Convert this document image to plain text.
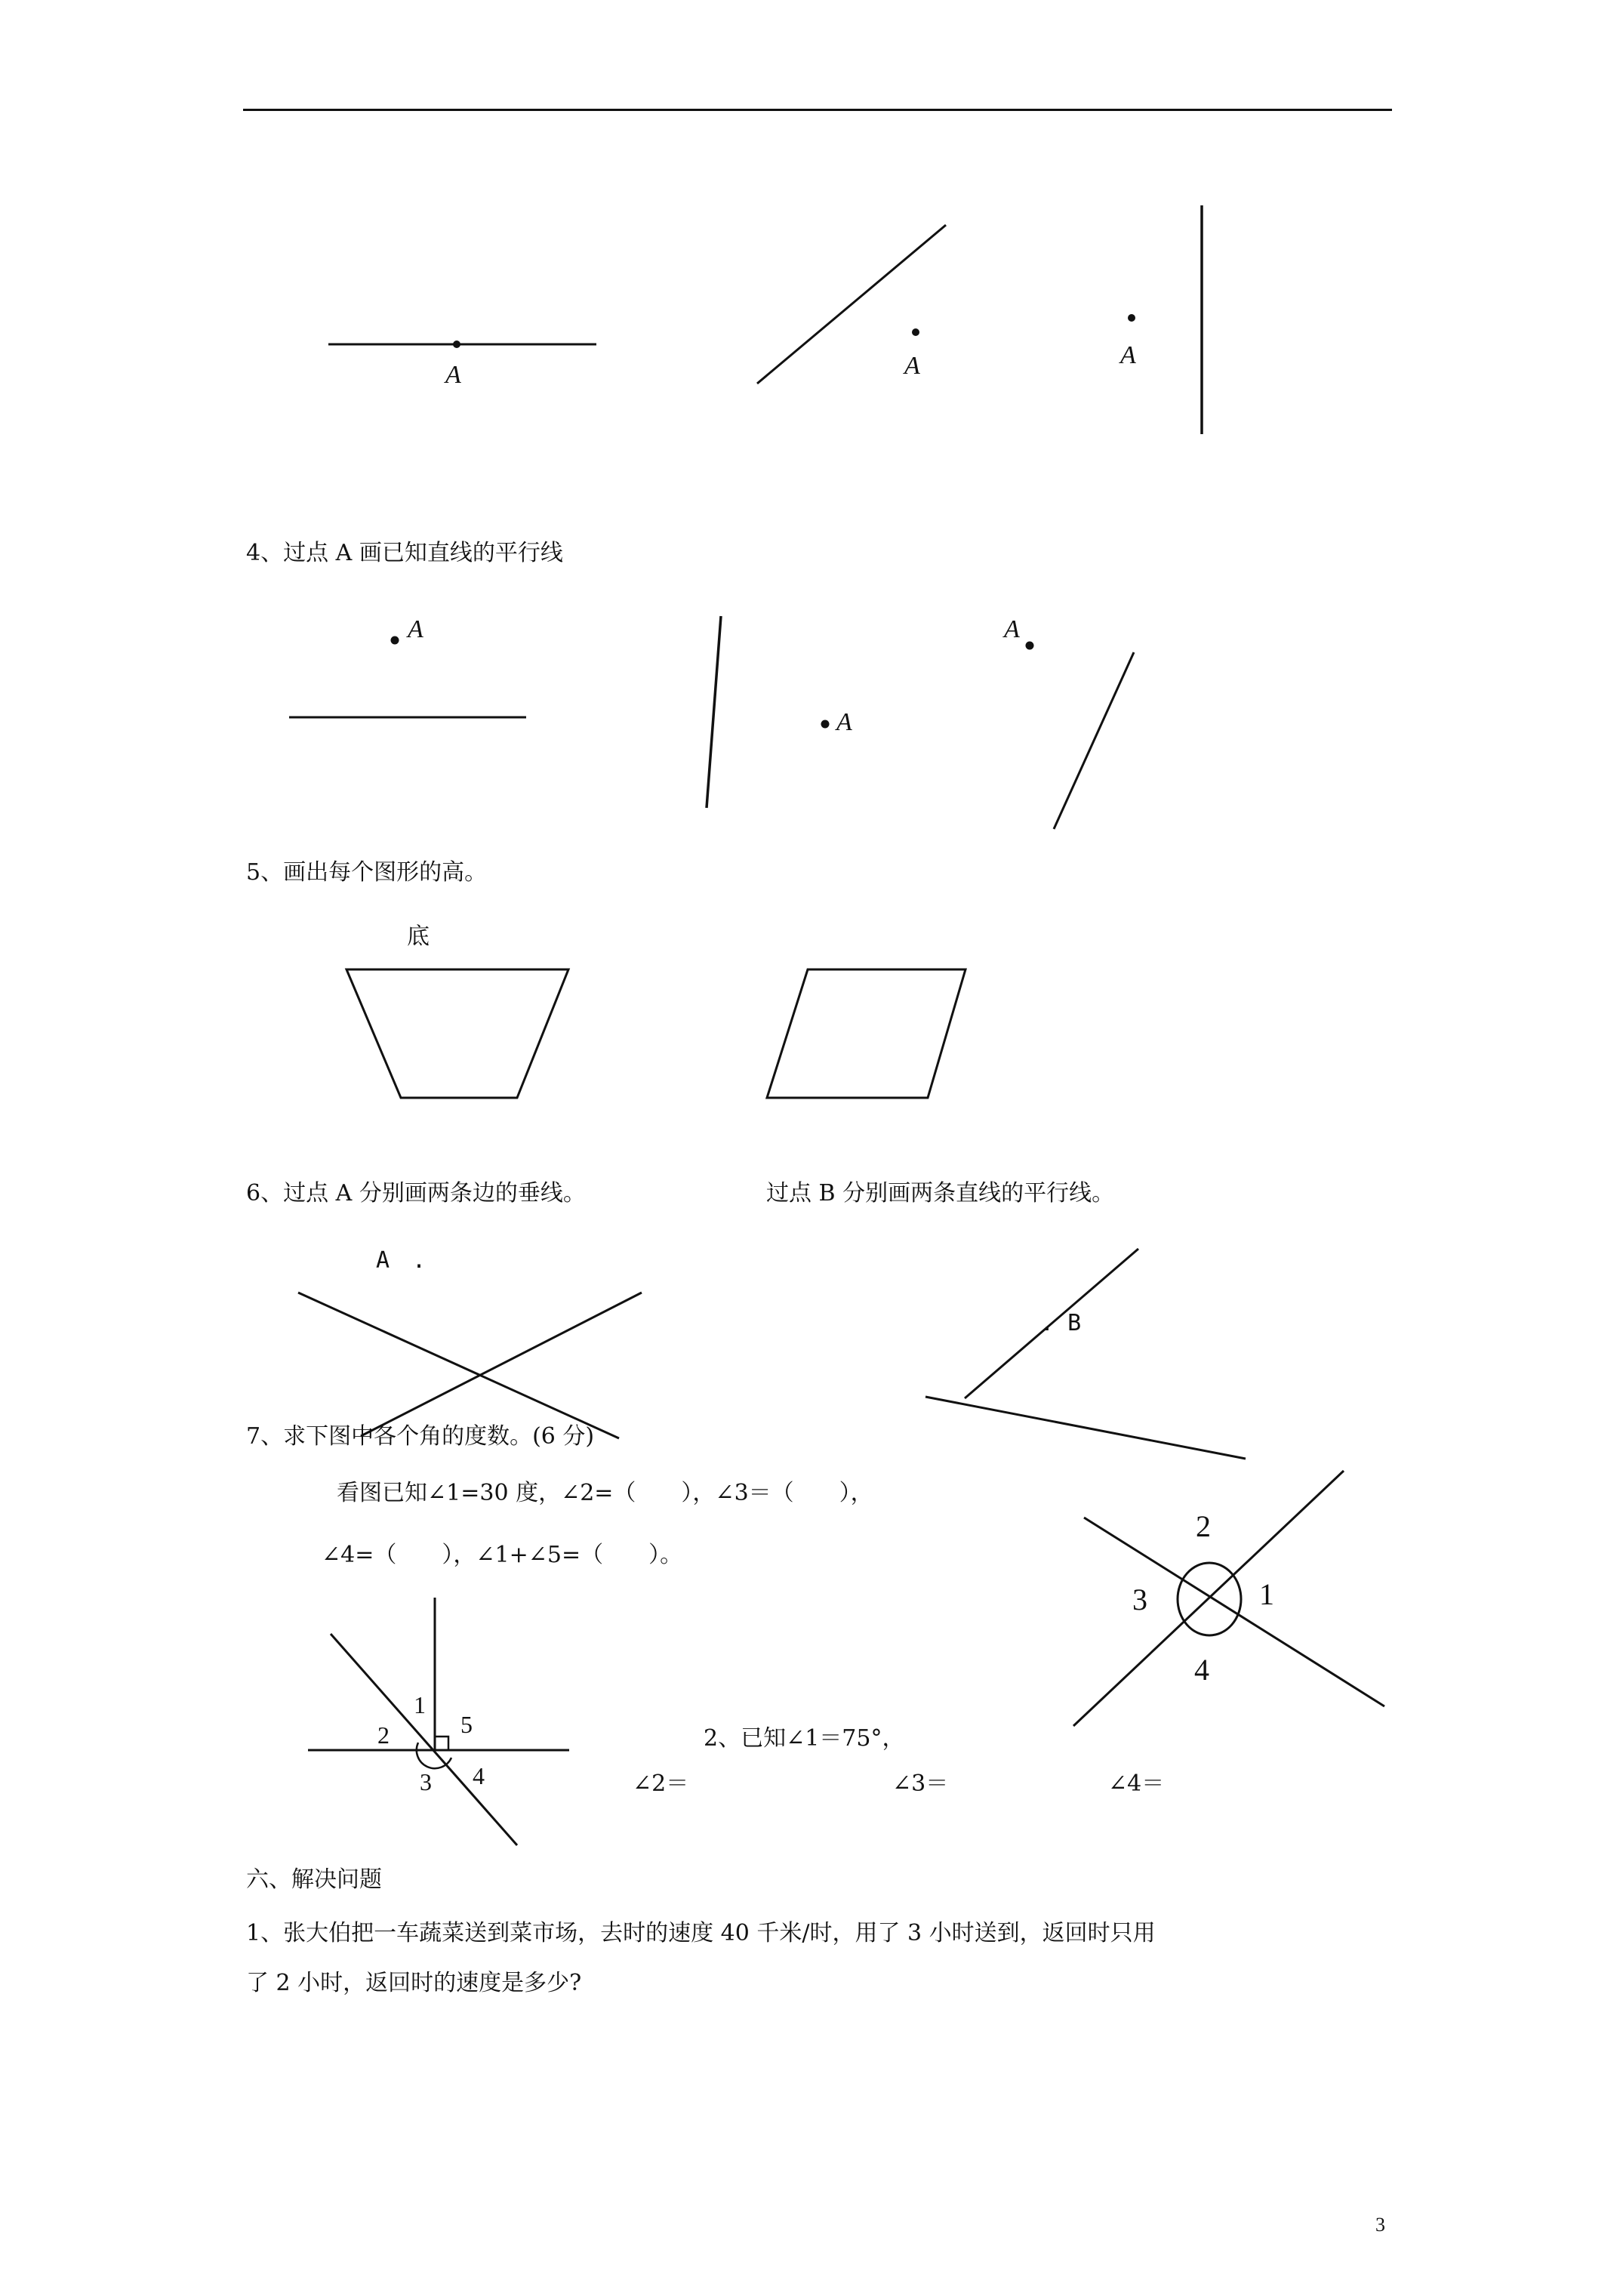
A	A	A
4、过点 A 画已知直线的平行线
A
A
A
5、画出每个图形的高。
底
6、过点 A 分别画两条边的垂线。	过点 B 分别画两条直线的平行线。
A　.
. B
7、求下图中各个角的度数。(6 分)
看图已知∠1=30 度，∠2=（　　），∠3＝（　　），
∠4=（　　），∠1+∠5=（　　）。
2
3	1
4
1
2	5
3 4
2、已知∠1＝75°，
∠2＝	∠3＝	∠4＝
六、解决问题
1、张大伯把一车蔬菜送到菜市场，去时的速度 40 千米/时，用了 3 小时送到，返回时只用
了 2 小时，返回时的速度是多少?
3
